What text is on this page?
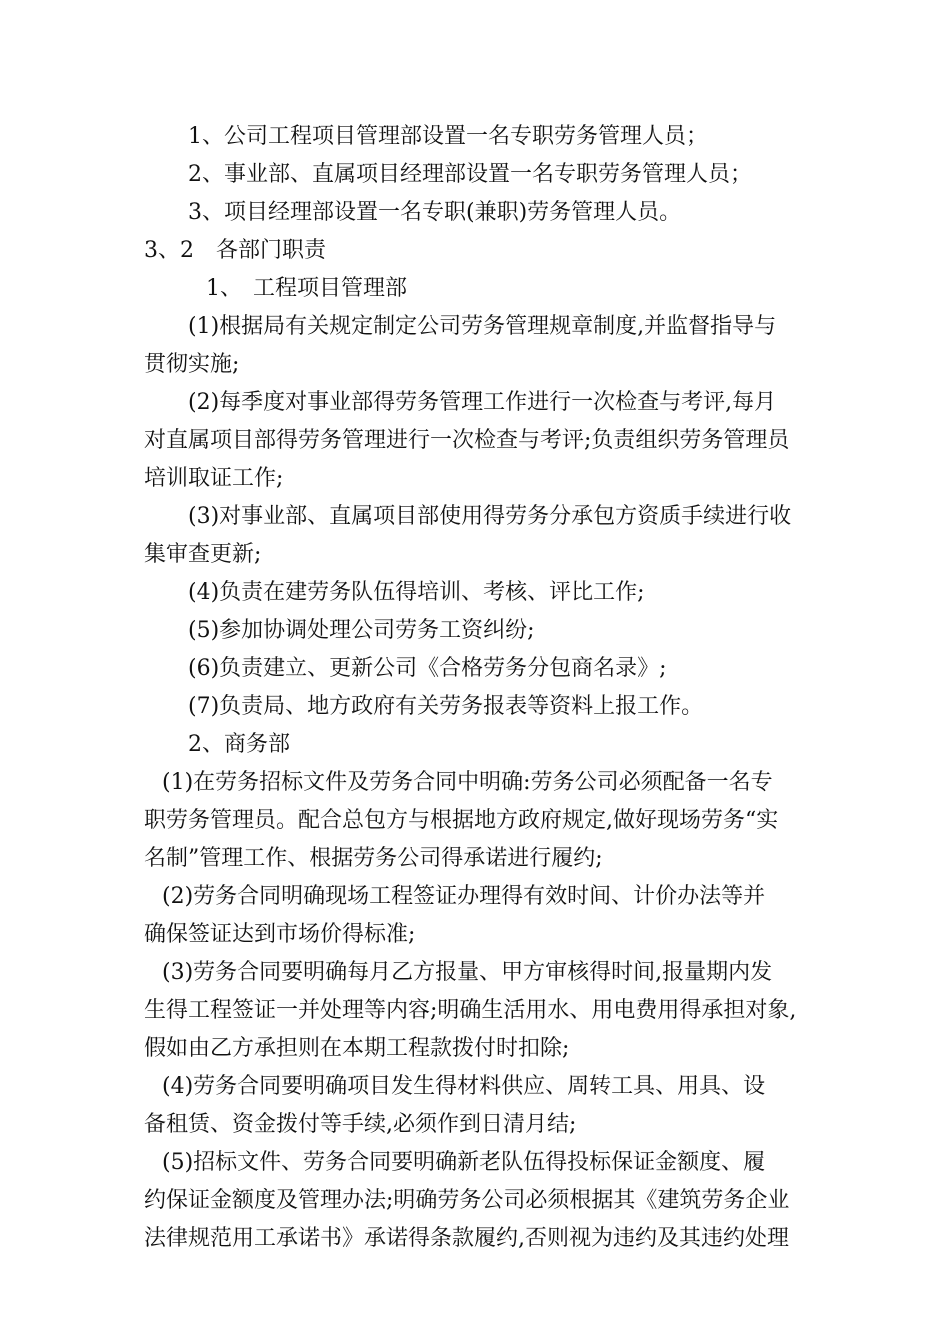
1、公司工程项目管理部设置一名专职劳务管理人员；
2、事业部、直属项目经理部设置一名专职劳务管理人员；
3、项目经理部设置一名专职(兼职)劳务管理人员。
3、2　各部门职责
1、　工程项目管理部
(1)根据局有关规定制定公司劳务管理规章制度,并监督指导与
贯彻实施;
(2)每季度对事业部得劳务管理工作进行一次检查与考评,每月
对直属项目部得劳务管理进行一次检查与考评;负责组织劳务管理员
培训取证工作;
(3)对事业部、直属项目部使用得劳务分承包方资质手续进行收
集审查更新;
(4)负责在建劳务队伍得培训、考核、评比工作;
(5)参加协调处理公司劳务工资纠纷;
(6)负责建立、更新公司《合格劳务分包商名录》;
(7)负责局、地方政府有关劳务报表等资料上报工作。
2、商务部
(1)在劳务招标文件及劳务合同中明确:劳务公司必须配备一名专
职劳务管理员。配合总包方与根据地方政府规定,做好现场劳务“实
名制”管理工作、根据劳务公司得承诺进行履约;
(2)劳务合同明确现场工程签证办理得有效时间、计价办法等并
确保签证达到市场价得标准;
(3)劳务合同要明确每月乙方报量、甲方审核得时间,报量期内发
生得工程签证一并处理等内容;明确生活用水、用电费用得承担对象,
假如由乙方承担则在本期工程款拨付时扣除;
(4)劳务合同要明确项目发生得材料供应、周转工具、用具、设
备租赁、资金拨付等手续,必须作到日清月结;
(5)招标文件、劳务合同要明确新老队伍得投标保证金额度、履
约保证金额度及管理办法;明确劳务公司必须根据其《建筑劳务企业
法律规范用工承诺书》承诺得条款履约,否则视为违约及其违约处理
